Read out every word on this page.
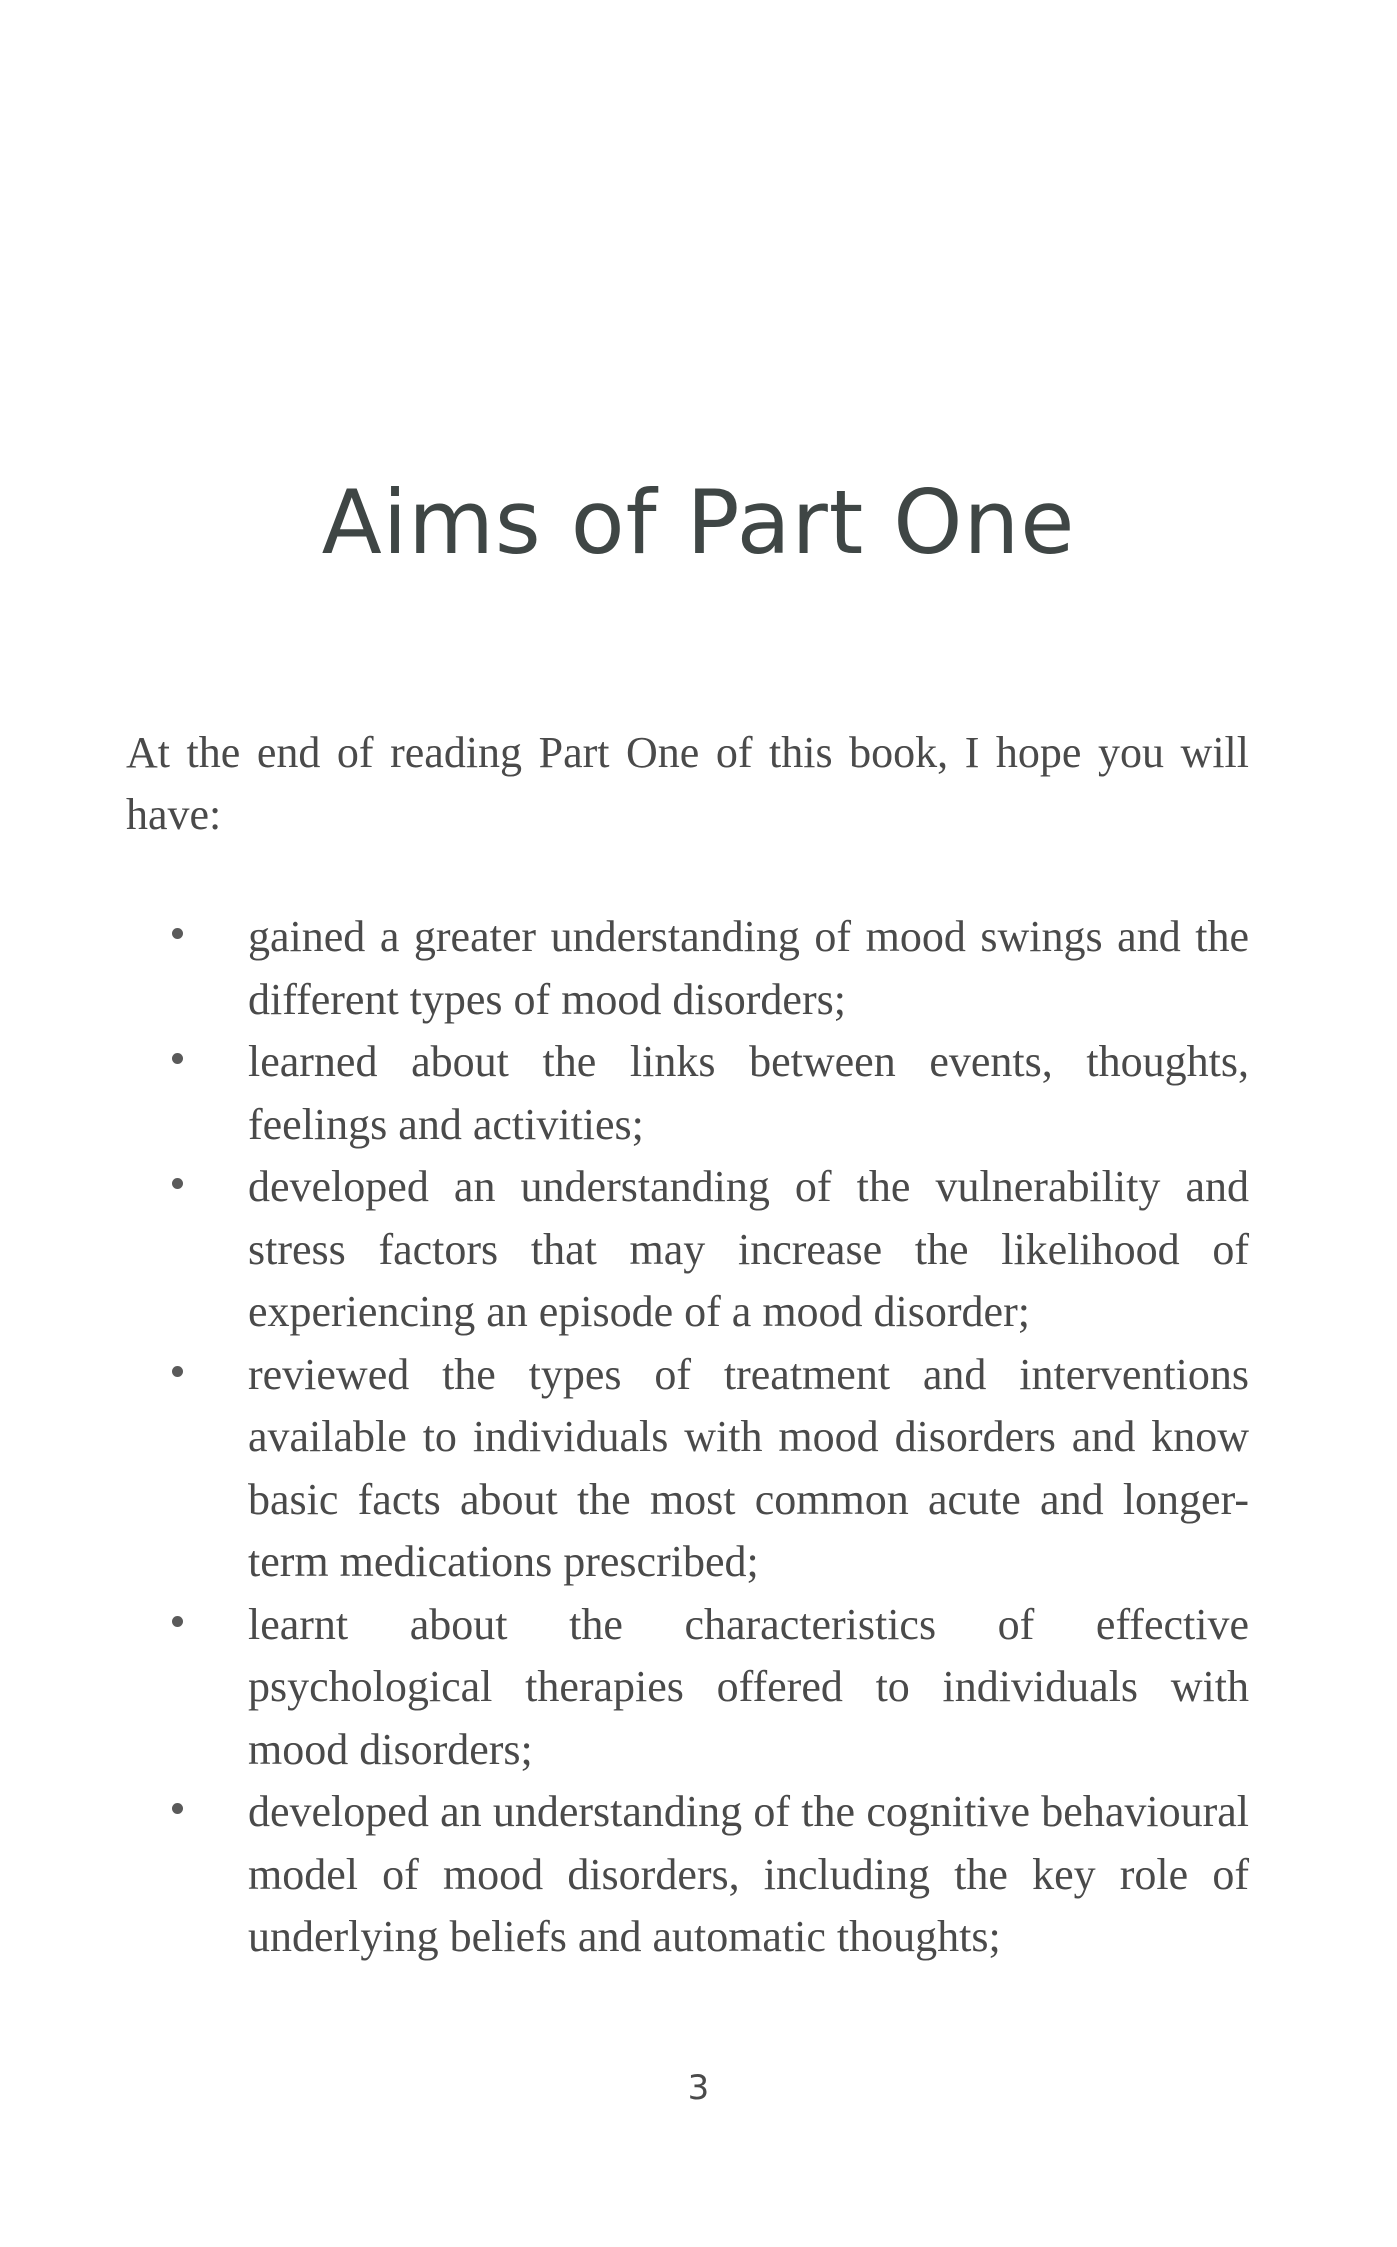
Aims of Part One

At the end of reading Part One of this book, I hope you will have:

gained a greater understanding of mood swings and the different types of mood disorders;
learned about the links between events, thoughts, feelings and activities;
developed an understanding of the vulnerability and stress factors that may increase the likelihood of experiencing an episode of a mood disorder;
reviewed the types of treatment and interventions available to individuals with mood disorders and know basic facts about the most common acute and longer-term medications prescribed;
learnt about the characteristics of effective psychological therapies offered to individuals with mood disorders;
developed an understanding of the cognitive behavioural model of mood disorders, including the key role of underlying beliefs and automatic thoughts;
3
